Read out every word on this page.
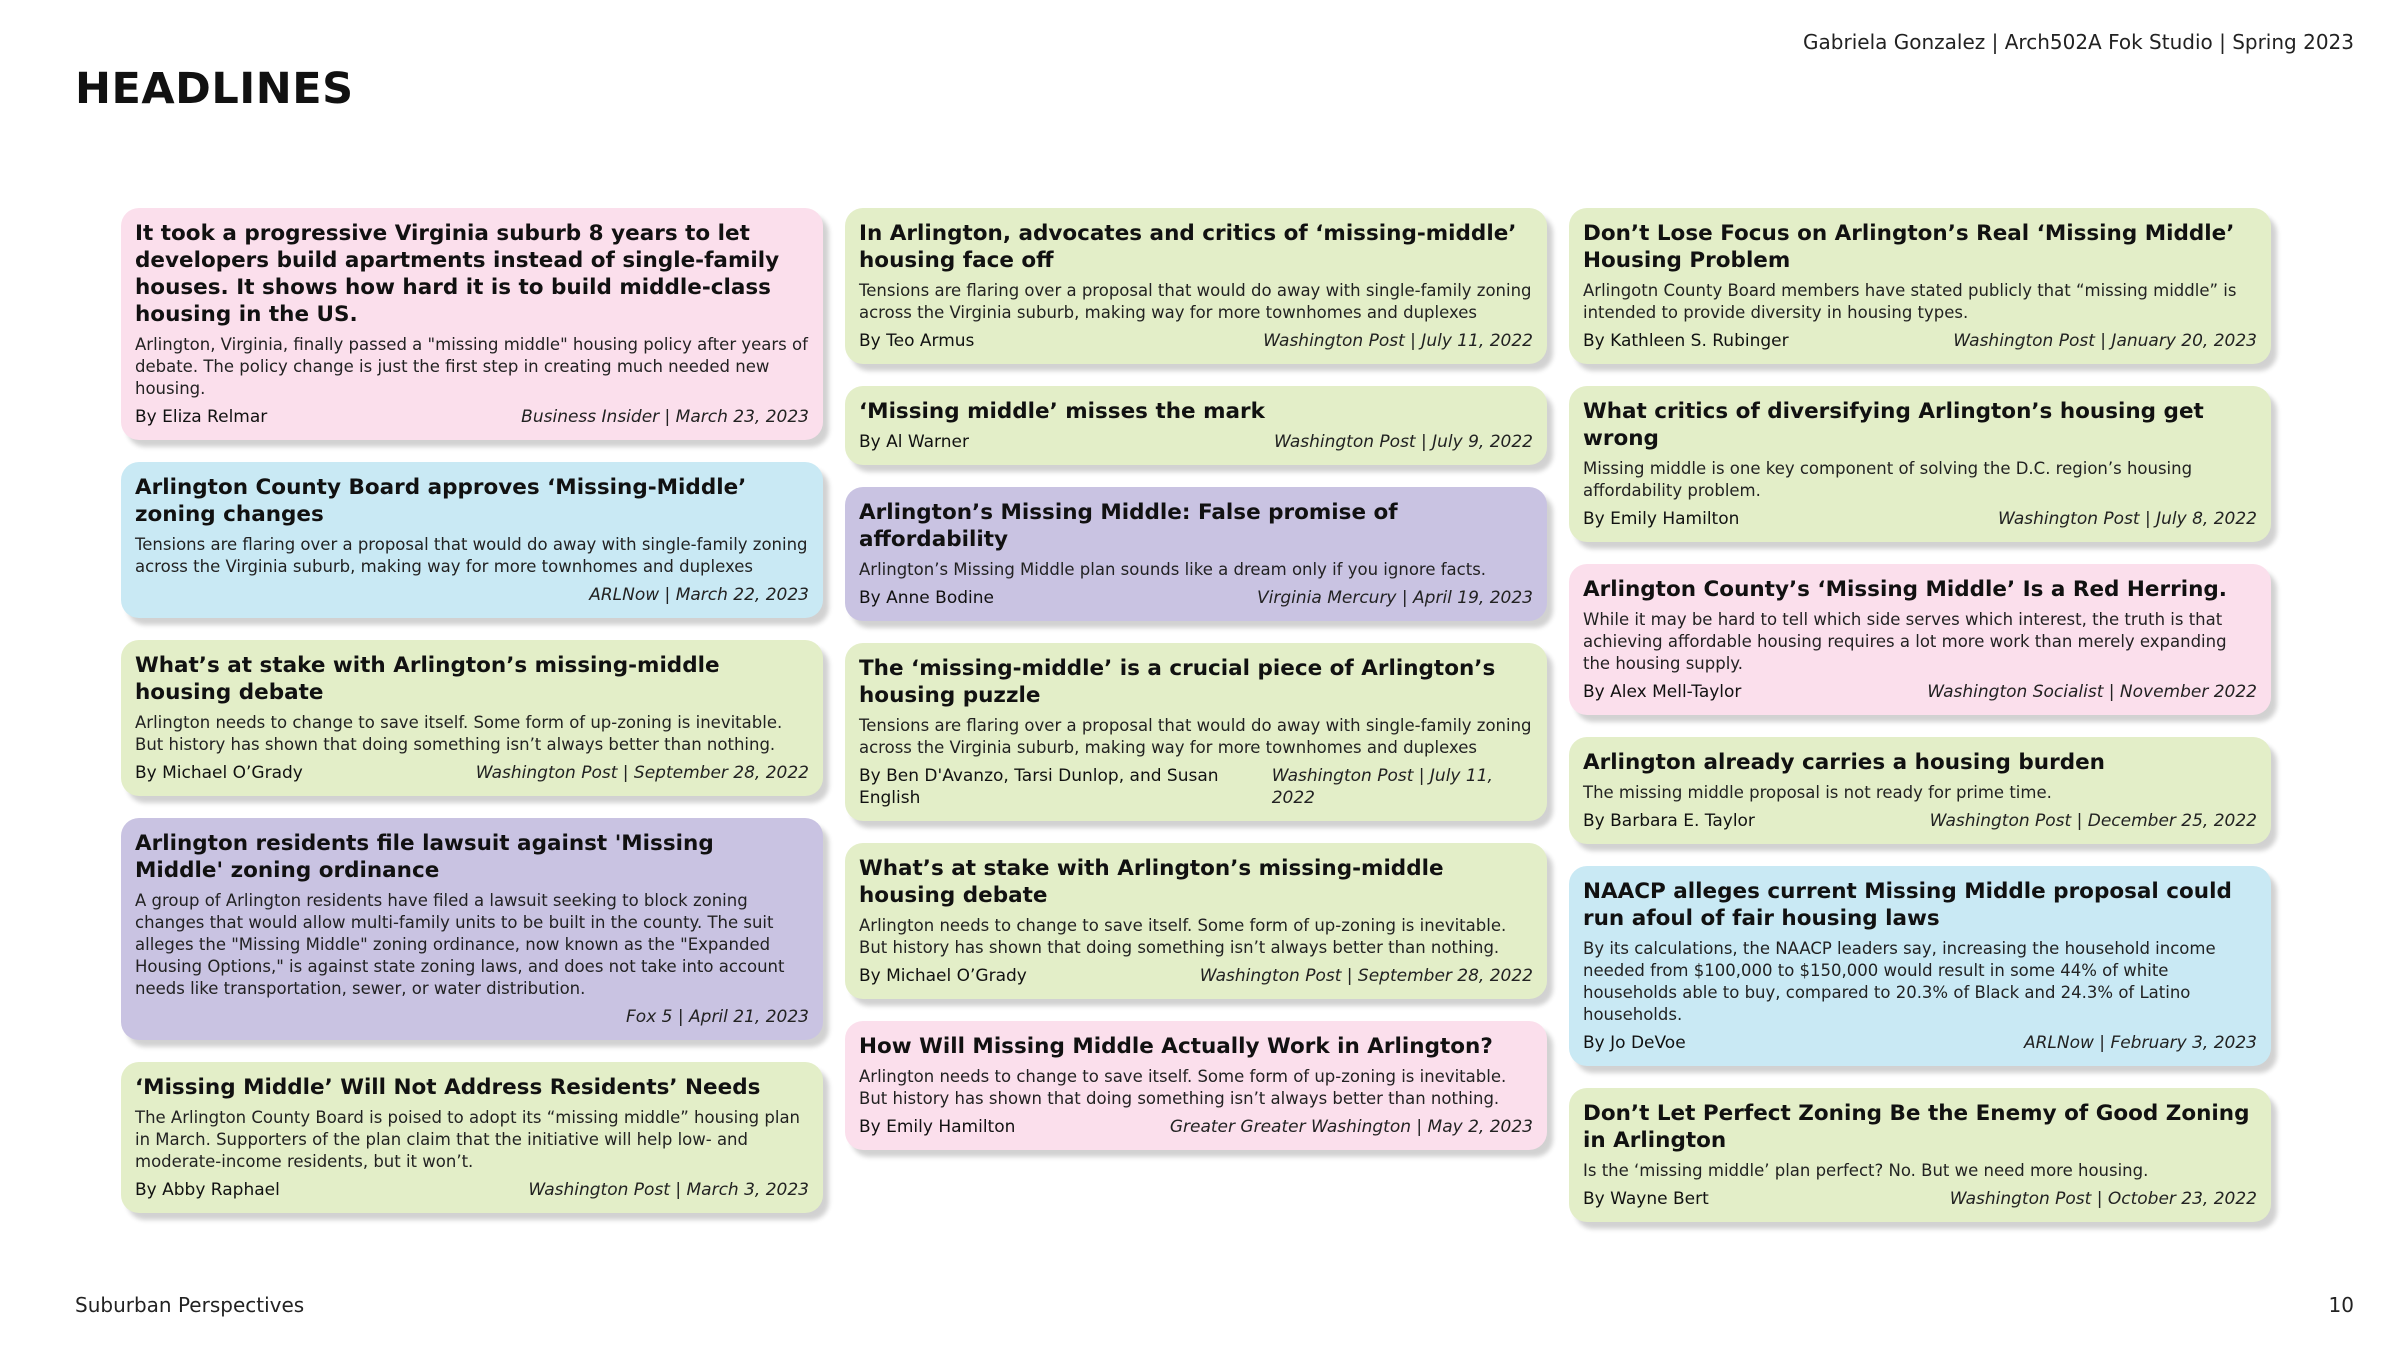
Gabriela Gonzalez | Arch502A Fok Studio | Spring 2023
HEADLINES
It took a progressive Virginia suburb 8 years to let developers build apartments instead of single-family houses. It shows how hard it is to build middle-class housing in the US.
Arlington, Virginia, finally passed a "missing middle" housing policy after years of debate. The policy change is just the first step in creating much needed new housing.
By Eliza Relmar	Business Insider | March 23, 2023
Arlington County Board approves ‘Missing-Middle’ zoning changes
Tensions are flaring over a proposal that would do away with single-family zoning across the Virginia suburb, making way for more townhomes and duplexes
ARLNow | March 22, 2023
What’s at stake with Arlington’s missing-middle housing debate
Arlington needs to change to save itself. Some form of up-zoning is inevitable.
But history has shown that doing something isn’t always better than nothing.
By Michael O’Grady	Washington Post | September 28, 2022
Arlington residents file lawsuit against 'Missing Middle' zoning ordinance
A group of Arlington residents have filed a lawsuit seeking to block zoning changes that would allow multi-family units to be built in the county. The suit alleges the "Missing Middle" zoning ordinance, now known as the "Expanded Housing Options," is against state zoning laws, and does not take into account needs like transportation, sewer, or water distribution.
Fox 5 | April 21, 2023
‘Missing Middle’ Will Not Address Residents’ Needs
The Arlington County Board is poised to adopt its “missing middle” housing plan in March. Supporters of the plan claim that the initiative will help low- and moderate-income residents, but it won’t.
By Abby Raphael	Washington Post | March 3, 2023
In Arlington, advocates and critics of ‘missing-middle’ housing face off
Tensions are flaring over a proposal that would do away with single-family zoning across the Virginia suburb, making way for more townhomes and duplexes
By Teo Armus	Washington Post | July 11, 2022
‘Missing middle’ misses the mark
By Al Warner	Washington Post | July 9, 2022
Arlington’s Missing Middle: False promise of affordability
Arlington’s Missing Middle plan sounds like a dream only if you ignore facts.
By Anne Bodine	Virginia Mercury | April 19, 2023
The ‘missing-middle’ is a crucial piece of Arlington’s housing puzzle
Tensions are flaring over a proposal that would do away with single-family zoning across the Virginia suburb, making way for more townhomes and duplexes
By Ben D'Avanzo, Tarsi Dunlop, and Susan English
Washington Post | July 11, 2022
What’s at stake with Arlington’s missing-middle housing debate
Arlington needs to change to save itself. Some form of up-zoning is inevitable.
But history has shown that doing something isn’t always better than nothing.
By Michael O’Grady	Washington Post | September 28, 2022
How Will Missing Middle Actually Work in Arlington?
Arlington needs to change to save itself. Some form of up-zoning is inevitable.
But history has shown that doing something isn’t always better than nothing.
By Emily Hamilton	Greater Greater Washington | May 2, 2023
Don’t Lose Focus on Arlington’s Real ‘Missing Middle’ Housing Problem
Arlingotn County Board members have stated publicly that “missing middle” is intended to provide diversity in housing types.
By Kathleen S. Rubinger	Washington Post | January 20, 2023
What critics of diversifying Arlington’s housing get wrong
Missing middle is one key component of solving the D.C. region’s housing affordability problem.
By Emily Hamilton	Washington Post | July 8, 2022
Arlington County’s ‘Missing Middle’ Is a Red Herring.
While it may be hard to tell which side serves which interest, the truth is that achieving affordable housing requires a lot more work than merely expanding the housing supply.
By Alex Mell-Taylor	Washington Socialist | November 2022
Arlington already carries a housing burden
The missing middle proposal is not ready for prime time.
By Barbara E. Taylor	Washington Post | December 25, 2022
NAACP alleges current Missing Middle proposal could run afoul of fair housing laws
By its calculations, the NAACP leaders say, increasing the household income needed from $100,000 to $150,000 would result in some 44% of white households able to buy, compared to 20.3% of Black and 24.3% of Latino households.
By Jo DeVoe	ARLNow | February 3, 2023
Don’t Let Perfect Zoning Be the Enemy of Good Zoning in Arlington
Is the ‘missing middle’ plan perfect? No. But we need more housing.
By Wayne Bert	Washington Post | October 23, 2022
Suburban Perspectives	10
